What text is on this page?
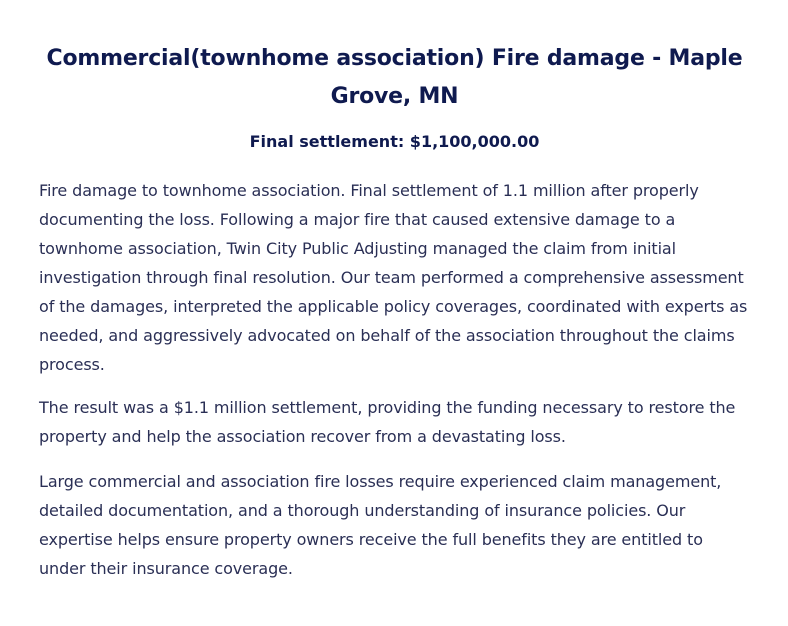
Commercial(townhome association) Fire damage - Maple Grove, MN
Final settlement: $1,100,000.00

Fire damage to townhome association. Final settlement of 1.1 million after properly documenting the loss. Following a major fire that caused extensive damage to a townhome association, Twin City Public Adjusting managed the claim from initial investigation through final resolution. Our team performed a comprehensive assessment of the damages, interpreted the applicable policy coverages, coordinated with experts as needed, and aggressively advocated on behalf of the association throughout the claims process.

The result was a $1.1 million settlement, providing the funding necessary to restore the property and help the association recover from a devastating loss.

Large commercial and association fire losses require experienced claim management, detailed documentation, and a thorough understanding of insurance policies. Our expertise helps ensure property owners receive the full benefits they are entitled to under their insurance coverage.
